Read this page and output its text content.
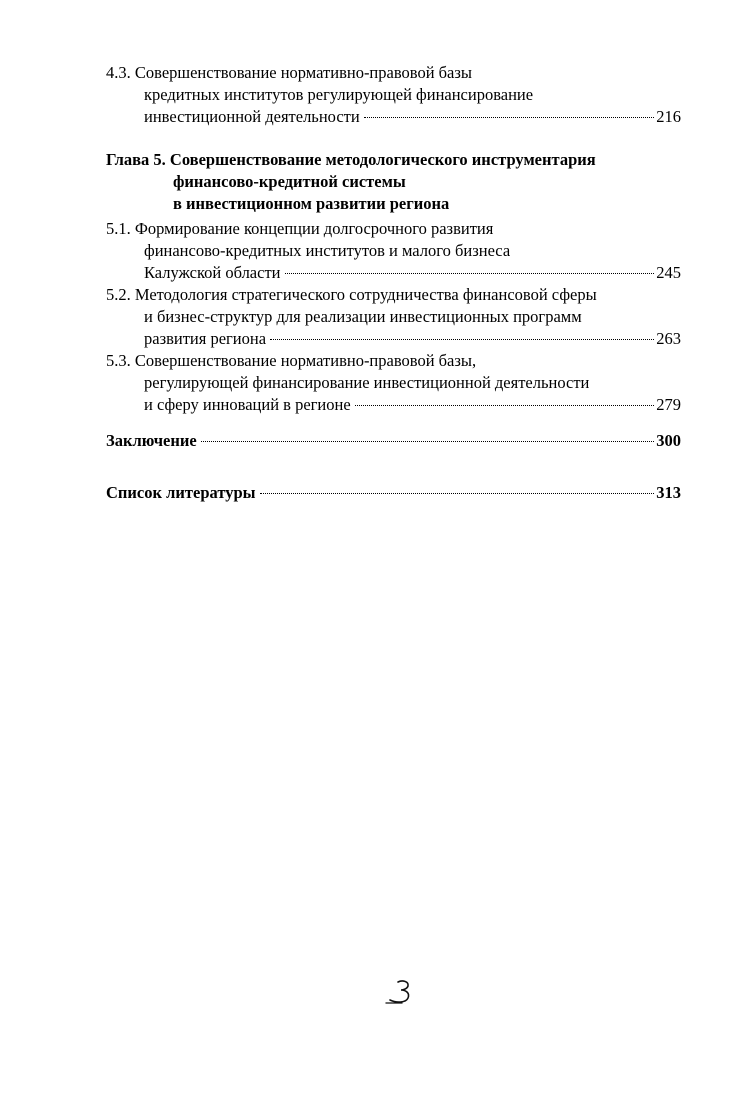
4.3. Совершенствование нормативно-правовой базы
кредитных институтов регулирующей финансирование
инвестиционной деятельности	216
Глава 5. Совершенствование методологического инструментария
финансово-кредитной системы
в инвестиционном развитии региона
5.1. Формирование концепции долгосрочного развития
финансово-кредитных институтов и малого бизнеса
Калужской области	245
5.2. Методология стратегического сотрудничества финансовой сферы
и бизнес-структур для реализации инвестиционных программ
развития региона	263
5.3. Совершенствование нормативно-правовой базы,
регулирующей финансирование инвестиционной деятельности
и сферу инноваций в регионе	279
Заключение	300
Список литературы	313
